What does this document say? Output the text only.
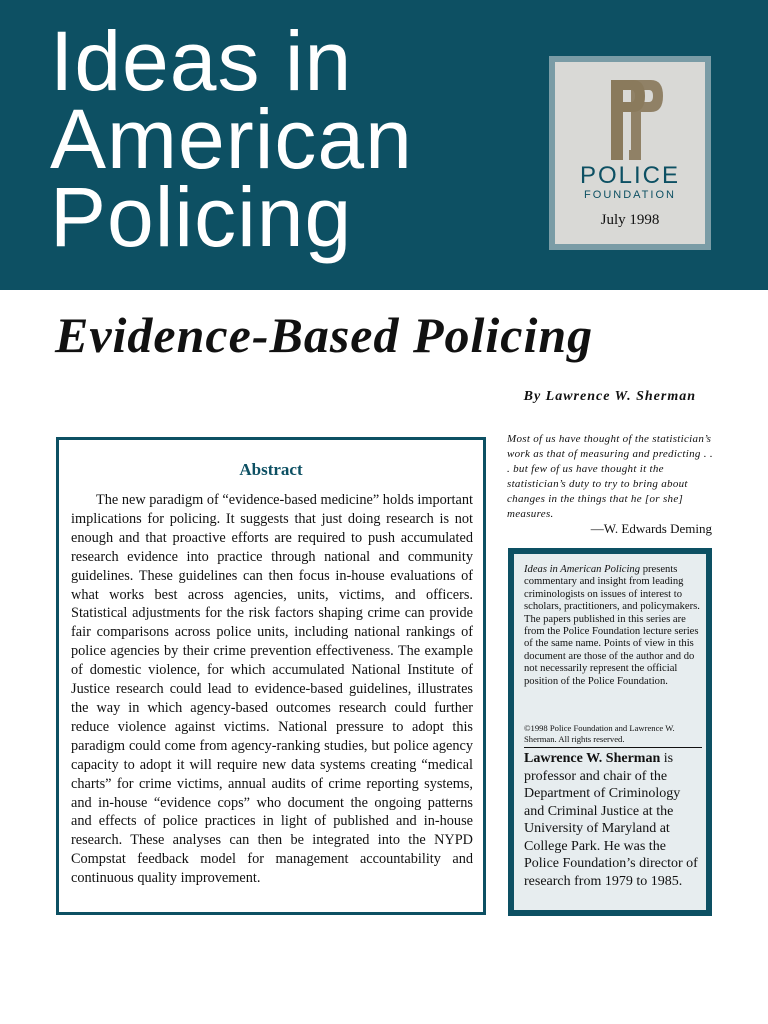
Ideas in
American
Policing	POLICE
FOUNDATION
July 1998
Evidence-Based Policing
By Lawrence W. Sherman
Abstract

The new paradigm of “evidence-based medicine” holds important implications for policing. It suggests that just doing research is not enough and that proactive efforts are required to push accumulated research evidence into practice through national and community guidelines. These guidelines can then focus in-house evaluations of what works best across agencies, units, victims, and officers. Statistical adjustments for the risk factors shaping crime can provide fair comparisons across police units, including national rankings of police agencies by their crime prevention effectiveness. The example of domestic violence, for which accumulated National Institute of Justice research could lead to evidence-based guidelines, illustrates the way in which agency-based outcomes research could further reduce violence against victims. National pressure to adopt this paradigm could come from agency-ranking studies, but police agency capacity to adopt it will require new data systems creating “medical charts” for crime victims, annual audits of crime reporting systems, and in-house “evidence cops” who document the ongoing patterns and effects of police practices in light of published and in-house research. These analyses can then be integrated into the NYPD Compstat feedback model for management accountability and continuous quality improvement.

Most of us have thought of the statistician’s work as that of measuring and predicting . . . but few of us have thought it the statistician’s duty to try to bring about changes in the things that he [or she] measures.
—W. Edwards Deming
Ideas in American Policing presents commentary and insight from leading criminologists on issues of interest to scholars, practitioners, and policymakers. The papers published in this series are from the Police Foundation lecture series of the same name. Points of view in this document are those of the author and do not necessarily represent the official position of the Police Foundation.
©1998 Police Foundation and Lawrence W. Sherman. All rights reserved.
Lawrence W. Sherman is professor and chair of the Department of Criminology and Criminal Justice at the University of Maryland at College Park. He was the Police Foundation’s director of research from 1979 to 1985.
